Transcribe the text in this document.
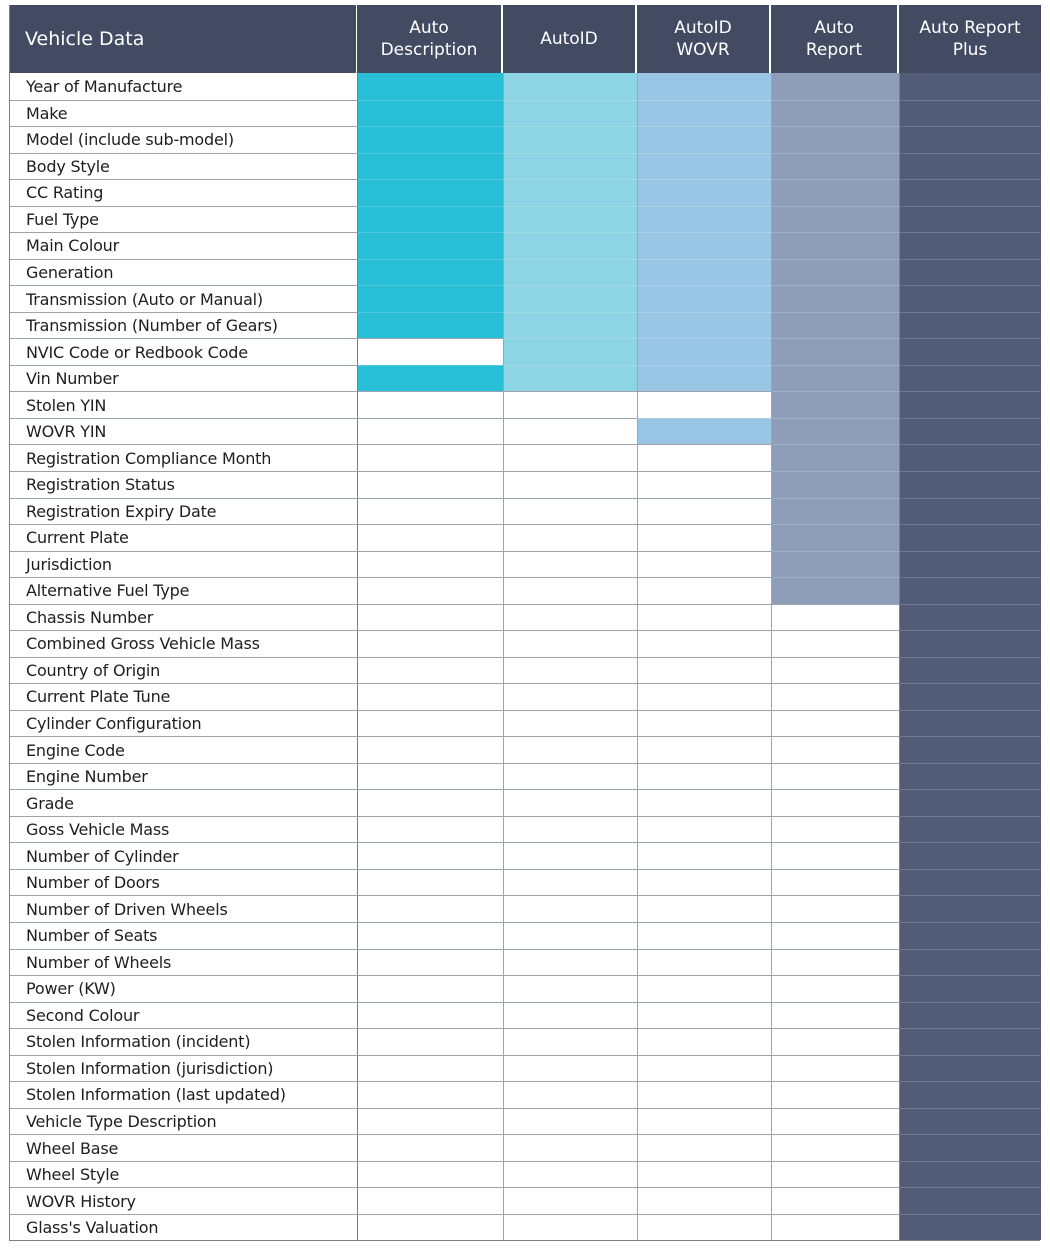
Vehicle Data	Auto
Description
AutoID
AutoID
WOVR
Auto
Report
Auto Report
Plus
Year of Manufacture
Make
Model (include sub-model)
Body Style
CC Rating
Fuel Type
Main Colour
Generation
Transmission (Auto or Manual)
Transmission (Number of Gears)
NVIC Code or Redbook Code
Vin Number
Stolen YIN
WOVR YIN
Registration Compliance Month
Registration Status
Registration Expiry Date
Current Plate
Jurisdiction
Alternative Fuel Type
Chassis Number
Combined Gross Vehicle Mass
Country of Origin
Current Plate Tune
Cylinder Configuration
Engine Code
Engine Number
Grade
Goss Vehicle Mass
Number of Cylinder
Number of Doors
Number of Driven Wheels
Number of Seats
Number of Wheels
Power (KW)
Second Colour
Stolen Information (incident)
Stolen Information (jurisdiction)
Stolen Information (last updated)
Vehicle Type Description
Wheel Base
Wheel Style
WOVR History
Glass's Valuation
